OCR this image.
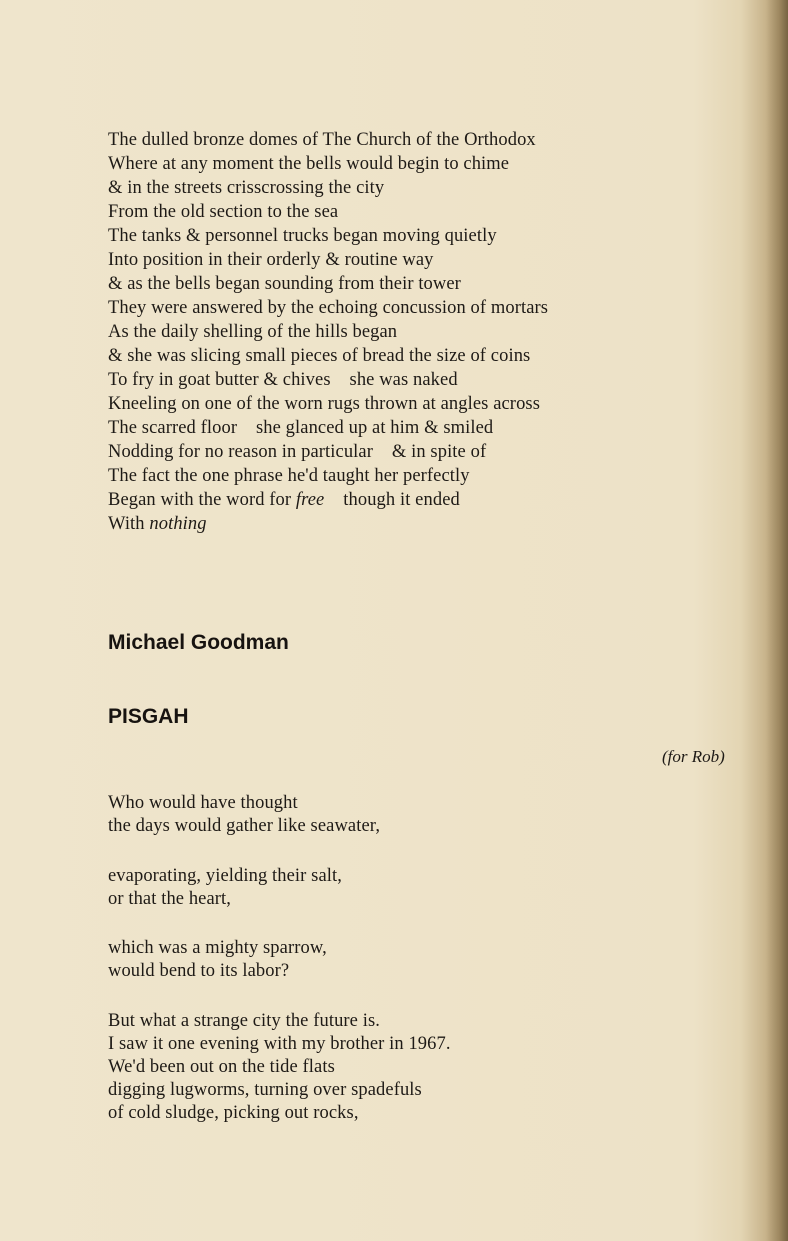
The dulled bronze domes of The Church of the Orthodox
Where at any moment the bells would begin to chime
& in the streets crisscrossing the city
From the old section to the sea
The tanks & personnel trucks began moving quietly
Into position in their orderly & routine way
& as the bells began sounding from their tower
They were answered by the echoing concussion of mortars
As the daily shelling of the hills began
& she was slicing small pieces of bread the size of coins
To fry in goat butter & chives    she was naked
Kneeling on one of the worn rugs thrown at angles across
The scarred floor    she glanced up at him & smiled
Nodding for no reason in particular    & in spite of
The fact the one phrase he'd taught her perfectly
Began with the word for free    though it ended
With nothing
Michael Goodman
PISGAH
(for Rob)
Who would have thought
the days would gather like seawater,
evaporating, yielding their salt,
or that the heart,
which was a mighty sparrow,
would bend to its labor?
But what a strange city the future is.
I saw it one evening with my brother in 1967.
We'd been out on the tide flats
digging lugworms, turning over spadefuls
of cold sludge, picking out rocks,
